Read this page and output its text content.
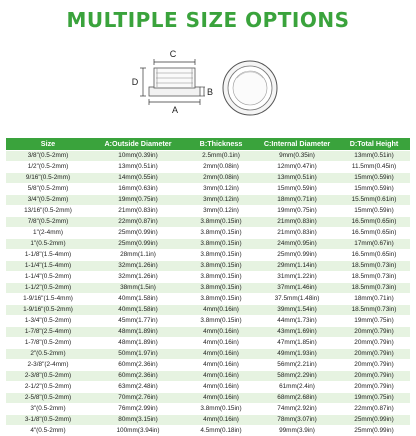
MULTIPLE SIZE OPTIONS
C
D
A
B
Size	A:Outside Diameter	B:Thickness	C:Internal Diameter	D:Total Height
3/8"(0.5-2mm)	10mm(0.39in)	2.5mm(0.1in)	9mm(0.35in)	13mm(0.51in)
1/2"(0.5-2mm)	13mm(0.51in)	2mm(0.08in)	12mm(0.47in)	11.5mm(0.45in)
9/16"(0.5-2mm)	14mm(0.55in)	2mm(0.08in)	13mm(0.51in)	15mm(0.59in)
5/8"(0.5-2mm)	16mm(0.63in)	3mm(0.12in)	15mm(0.59in)	15mm(0.59in)
3/4"(0.5-2mm)	19mm(0.75in)	3mm(0.12in)	18mm(0.71in)	15.5mm(0.61in)
13/16"(0.5-2mm)	21mm(0.83in)	3mm(0.12in)	19mm(0.75in)	15mm(0.59in)
7/8"(0.5-2mm)	22mm(0.87in)	3.8mm(0.15in)	21mm(0.83in)	16.5mm(0.65in)
1"(2-4mm)	25mm(0.99in)	3.8mm(0.15in)	21mm(0.83in)	16.5mm(0.65in)
1"(0.5-2mm)	25mm(0.99in)	3.8mm(0.15in)	24mm(0.95in)	17mm(0.67in)
1-1/8"(1.5-4mm)	28mm(1.1in)	3.8mm(0.15in)	25mm(0.99in)	16.5mm(0.65in)
1-1/4"(1.5-4mm)	32mm(1.26in)	3.8mm(0.15in)	29mm(1.14in)	18.5mm(0.73in)
1-1/4"(0.5-2mm)	32mm(1.26in)	3.8mm(0.15in)	31mm(1.22in)	18.5mm(0.73in)
1-1/2"(0.5-2mm)	38mm(1.5in)	3.8mm(0.15in)	37mm(1.46in)	18.5mm(0.73in)
1-9/16"(1.5-4mm)	40mm(1.58in)	3.8mm(0.15in)	37.5mm(1.48in)	18mm(0.71in)
1-9/16"(0.5-2mm)	40mm(1.58in)	4mm(0.16in)	39mm(1.54in)	18.5mm(0.73in)
1-3/4"(0.5-2mm)	45mm(1.77in)	3.8mm(0.15in)	44mm(1.73in)	19mm(0.75in)
1-7/8"(2.5-4mm)	48mm(1.89in)	4mm(0.16in)	43mm(1.69in)	20mm(0.79in)
1-7/8"(0.5-2mm)	48mm(1.89in)	4mm(0.16in)	47mm(1.85in)	20mm(0.79in)
2"(0.5-2mm)	50mm(1.97in)	4mm(0.16in)	49mm(1.93in)	20mm(0.79in)
2-3/8"(2-4mm)	60mm(2.36in)	4mm(0.16in)	56mm(2.21in)	20mm(0.79in)
2-3/8"(0.5-2mm)	60mm(2.36in)	4mm(0.16in)	58mm(2.29in)	20mm(0.79in)
2-1/2"(0.5-2mm)	63mm(2.48in)	4mm(0.16in)	61mm(2.4in)	20mm(0.79in)
2-5/8"(0.5-2mm)	70mm(2.76in)	4mm(0.16in)	68mm(2.68in)	19mm(0.75in)
3"(0.5-2mm)	76mm(2.99in)	3.8mm(0.15in)	74mm(2.92in)	22mm(0.87in)
3-1/8"(0.5-2mm)	80mm(3.15in)	4mm(0.16in)	78mm(3.07in)	25mm(0.99in)
4"(0.5-2mm)	100mm(3.94in)	4.5mm(0.18in)	99mm(3.9in)	25mm(0.99in)
